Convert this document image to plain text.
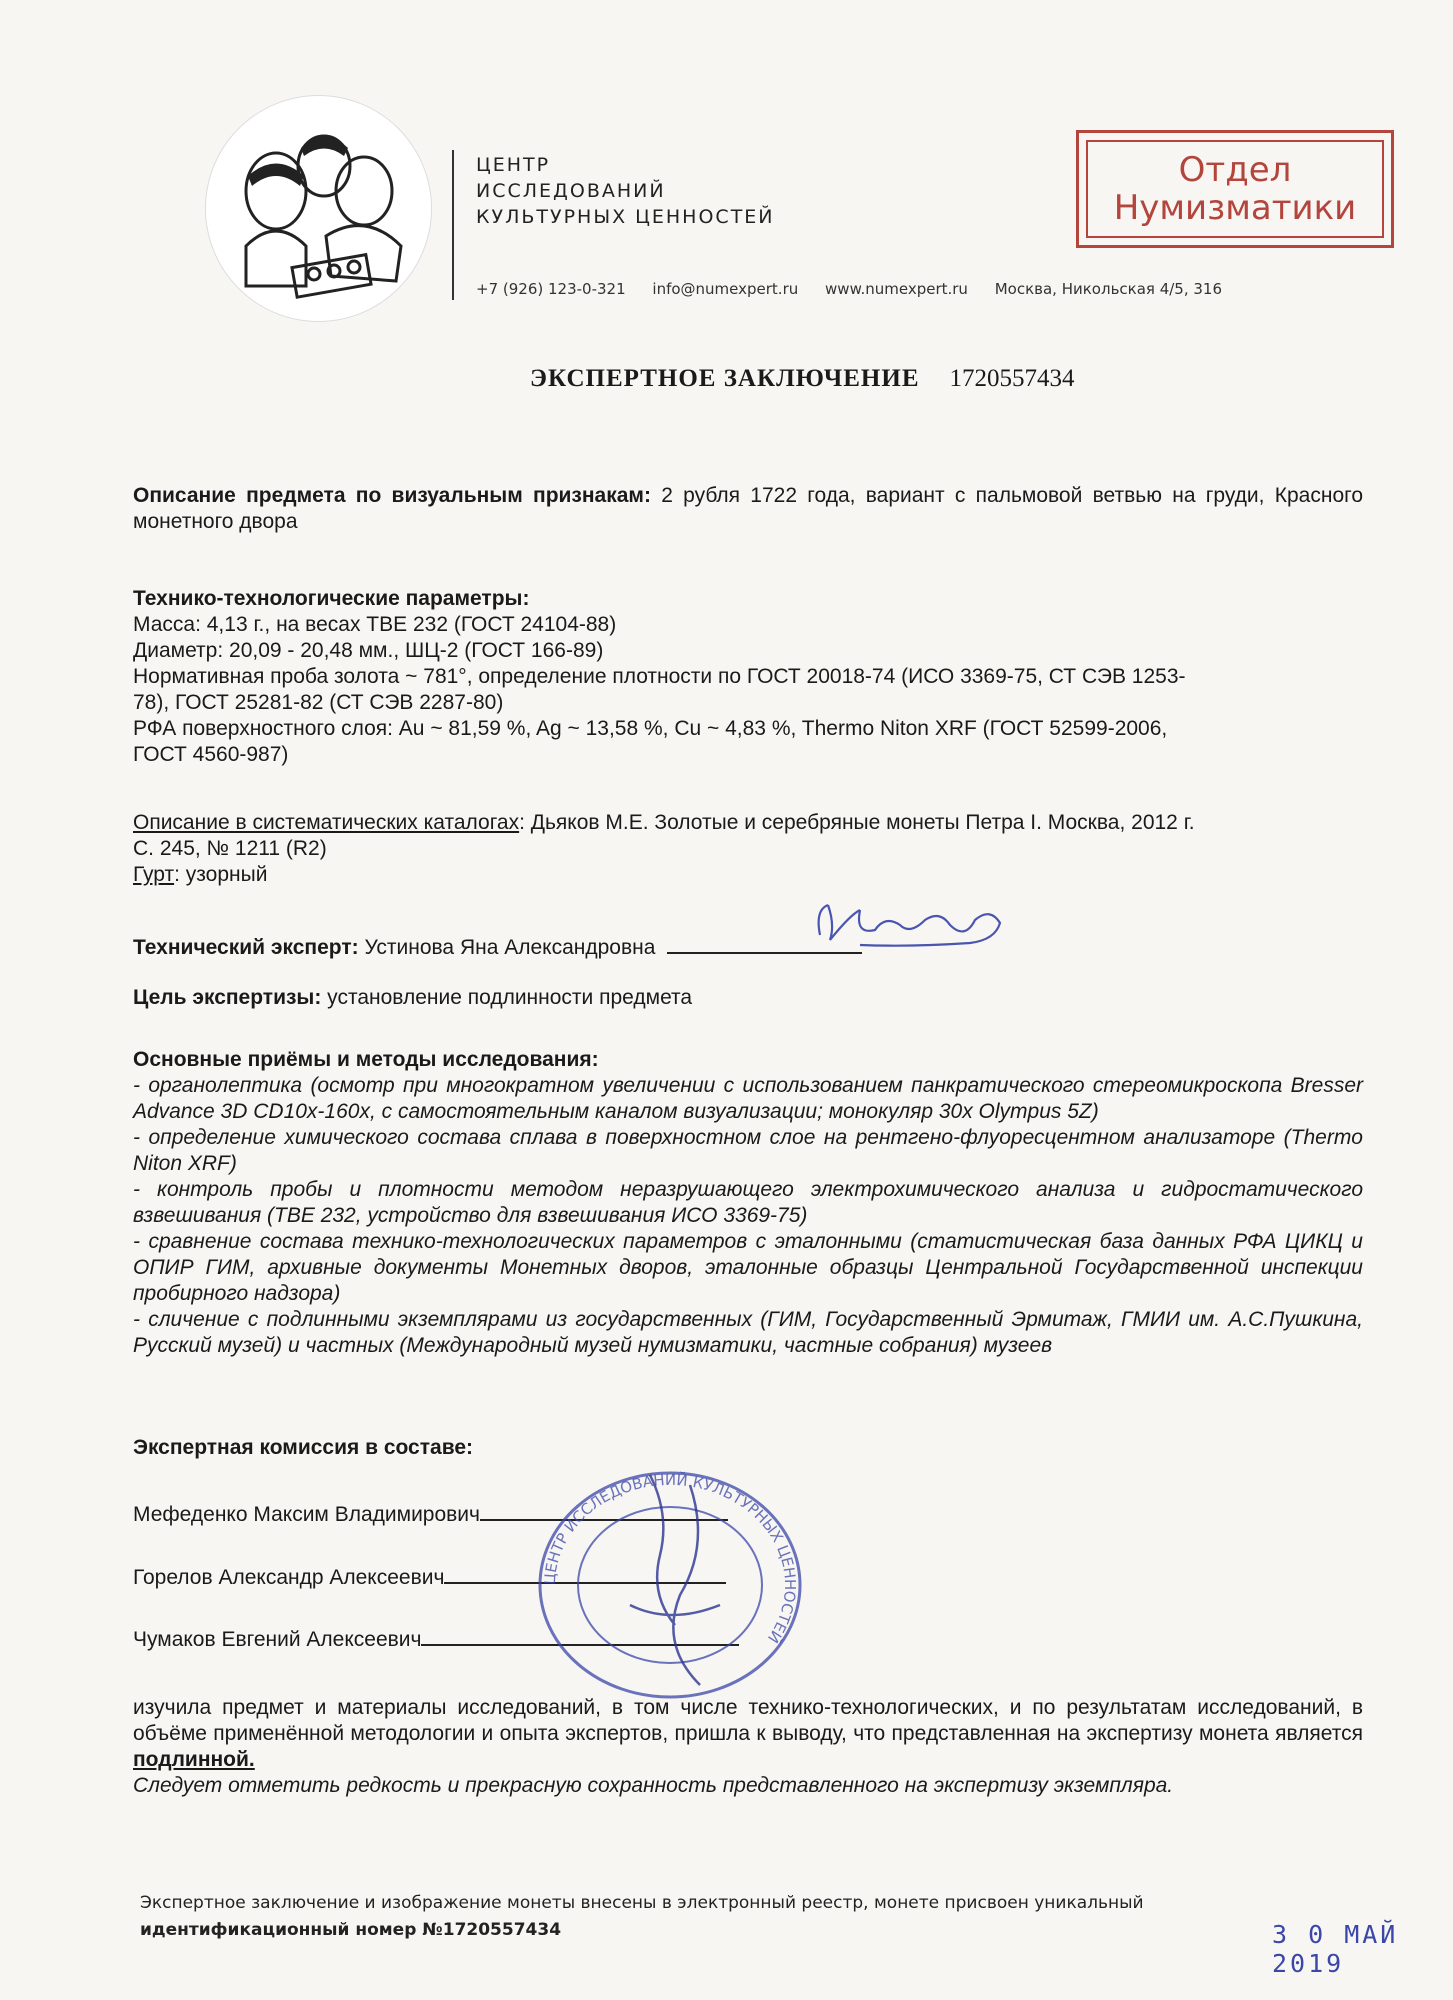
ЦЕНТР
ИССЛЕДОВАНИЙ
КУЛЬТУРНЫХ ЦЕННОСТЕЙ
+7 (926) 123-0-321 info@numexpert.ru www.numexpert.ru Москва, Никольская 4/5, 316
Отдел
Нумизматики
ЭКСПЕРТНОЕ ЗАКЛЮЧЕНИЕ 1720557434
Описание предмета по визуальным признакам: 2 рубля 1722 года, вариант с пальмовой ветвью на груди, Красного монетного двора
Технико-технологические параметры:
Масса: 4,13 г., на весах ТВЕ 232 (ГОСТ 24104-88)
Диаметр: 20,09 - 20,48 мм., ШЦ-2 (ГОСТ 166-89)
Нормативная проба золота ~ 781°, определение плотности по ГОСТ 20018-74 (ИСО 3369-75, СТ СЭВ 1253-
78), ГОСТ 25281-82 (СТ СЭВ 2287-80)
РФА поверхностного слоя: Au ~ 81,59 %, Ag ~ 13,58 %, Cu ~ 4,83 %, Thermo Niton XRF (ГОСТ 52599-2006,
ГОСТ 4560-987)
Описание в систематических каталогах: Дьяков М.Е. Золотые и серебряные монеты Петра I. Москва, 2012 г.
С. 245, № 1211 (R2)
Гурт: узорный
Технический эксперт: Устинова Яна Александровна
Цель экспертизы: установление подлинности предмета
Основные приёмы и методы исследования:
- органолептика (осмотр при многократном увеличении с использованием панкратического стереомикроскопа Bresser Advance 3D CD10x-160x, с самостоятельным каналом визуализации; монокуляр 30x Olympus 5Z)
- определение химического состава сплава в поверхностном слое на рентгено-флуоресцентном анализаторе (Thermo Niton XRF)
- контроль пробы и плотности методом неразрушающего электрохимического анализа и гидростатического взвешивания (ТВЕ 232, устройство для взвешивания ИСО 3369-75)
- сравнение состава технико-технологических параметров с эталонными (статистическая база данных РФА ЦИКЦ и ОПИР ГИМ, архивные документы Монетных дворов, эталонные образцы Центральной Государственной инспекции пробирного надзора)
- сличение с подлинными экземплярами из государственных (ГИМ, Государственный Эрмитаж, ГМИИ им. А.С.Пушкина, Русский музей) и частных (Международный музей нумизматики, частные собрания) музеев
Экспертная комиссия в составе:
Мефеденко Максим Владимирович
Горелов Александр Алексеевич
Чумаков Евгений Алексеевич
ЦЕНТР ИССЛЕДОВАНИЙ КУЛЬТУРНЫХ ЦЕННОСТЕЙ
изучила предмет и материалы исследований, в том числе технико-технологических, и по результатам исследований, в объёме применённой методологии и опыта экспертов, пришла к выводу, что представленная на экспертизу монета является подлинной.
Следует отметить редкость и прекрасную сохранность представленного на экспертизу экземпляра.
Экспертное заключение и изображение монеты внесены в электронный реестр, монете присвоен уникальный
идентификационный номер №1720557434	3 0 МАЙ 2019
